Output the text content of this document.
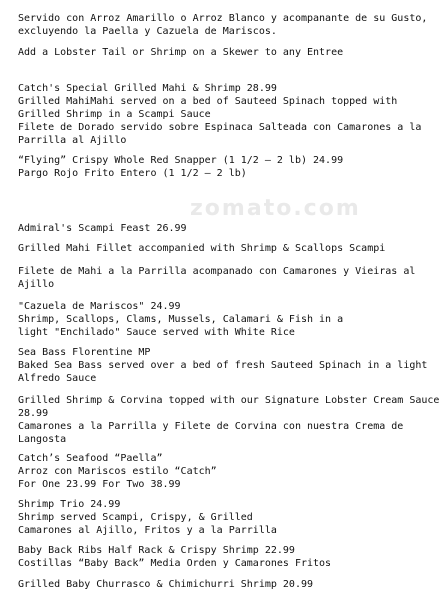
zomato.com

Servido con Arroz Amarillo o Arroz Blanco y acompanante de su Gusto,

excluyendo la Paella y Cazuela de Mariscos.

Add a Lobster Tail or Shrimp on a Skewer to any Entree

Catch's Special Grilled Mahi & Shrimp 28.99

Grilled MahiMahi served on a bed of Sauteed Spinach topped with

Grilled Shrimp in a Scampi Sauce

Filete de Dorado servido sobre Espinaca Salteada con Camarones a la

Parrilla al Ajillo

“Flying” Crispy Whole Red Snapper (1 1/2 – 2 lb) 24.99

Pargo Rojo Frito Entero (1 1/2 – 2 lb)

Admiral's Scampi Feast 26.99

Grilled Mahi Fillet accompanied with Shrimp & Scallops Scampi

Filete de Mahi a la Parrilla acompanado con Camarones y Vieiras al

Ajillo

"Cazuela de Mariscos" 24.99

Shrimp, Scallops, Clams, Mussels, Calamari & Fish in a

light "Enchilado" Sauce served with White Rice

Sea Bass Florentine MP

Baked Sea Bass served over a bed of fresh Sauteed Spinach in a light

Alfredo Sauce

Grilled Shrimp & Corvina topped with our Signature Lobster Cream Sauce

28.99

Camarones a la Parrilla y Filete de Corvina con nuestra Crema de

Langosta

Catch’s Seafood “Paella”

Arroz con Mariscos estilo “Catch”

For One 23.99 For Two 38.99

Shrimp Trio 24.99

Shrimp served Scampi, Crispy, & Grilled

Camarones al Ajillo, Fritos y a la Parrilla

Baby Back Ribs Half Rack & Crispy Shrimp 22.99

Costillas “Baby Back” Media Orden y Camarones Fritos

Grilled Baby Churrasco & Chimichurri Shrimp 20.99
